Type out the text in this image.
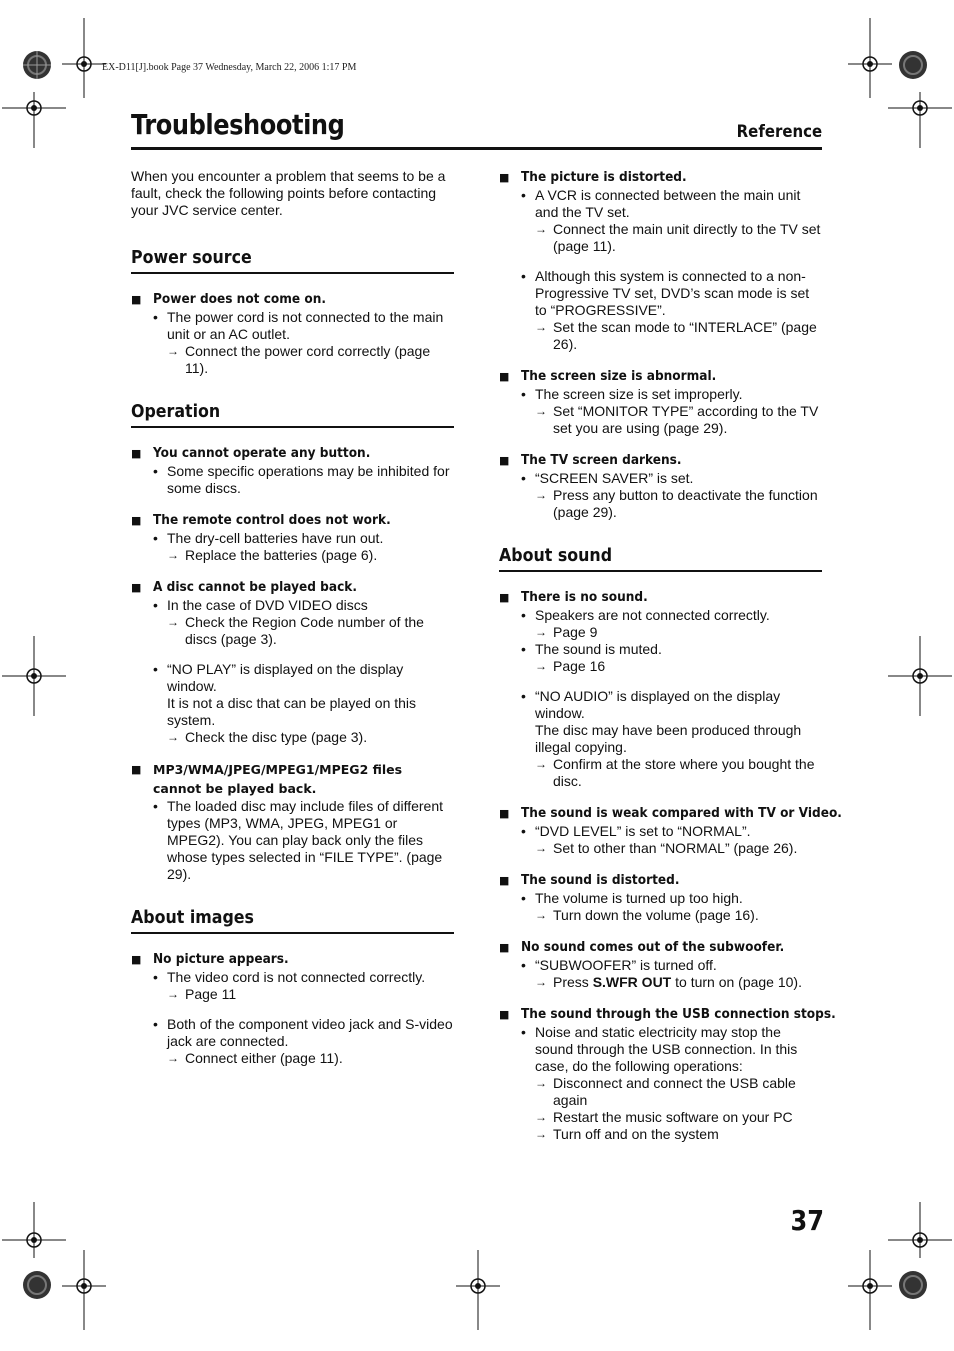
EX-D11[J].book Page 37 Wednesday, March 22, 2006 1:17 PM
Troubleshooting	Reference

When you encounter a problem that seems to be a fault, check the following points before contacting your JVC service center.

Power source
■ Power does not come on.
• The power cord is not connected to the main unit or an AC outlet.
→ Connect the power cord correctly (page 11).
Operation
■ You cannot operate any button.
• Some specific operations may be inhibited for some discs.
■ The remote control does not work.
• The dry-cell batteries have run out.
→ Replace the batteries (page 6).
■ A disc cannot be played back.
• In the case of DVD VIDEO discs
→ Check the Region Code number of the discs (page 3).
• “NO PLAY” is displayed on the display window.
It is not a disc that can be played on this system.
→ Check the disc type (page 3).
■ MP3/WMA/JPEG/MPEG1/MPEG2 files cannot be played back.
• The loaded disc may include files of different types (MP3, WMA, JPEG, MPEG1 or MPEG2). You can play back only the files whose types selected in “FILE TYPE”. (page 29).
About images
■ No picture appears.
• The video cord is not connected correctly.
→ Page 11
• Both of the component video jack and S-video jack are connected.
→ Connect either (page 11).
■ The picture is distorted.
• A VCR is connected between the main unit and the TV set.
→ Connect the main unit directly to the TV set (page 11).
• Although this system is connected to a non-Progressive TV set, DVD’s scan mode is set to “PROGRESSIVE”.
→ Set the scan mode to “INTERLACE” (page 26).
■ The screen size is abnormal.
• The screen size is set improperly.
→ Set “MONITOR TYPE” according to the TV set you are using (page 29).
■ The TV screen darkens.
• “SCREEN SAVER” is set.
→ Press any button to deactivate the function (page 29).
About sound
■ There is no sound.
• Speakers are not connected correctly.
→ Page 9
• The sound is muted.
→ Page 16
• “NO AUDIO” is displayed on the display window.
The disc may have been produced through illegal copying.
→ Confirm at the store where you bought the disc.
■ The sound is weak compared with TV or Video.
• “DVD LEVEL” is set to “NORMAL”.
→ Set to other than “NORMAL” (page 26).
■ The sound is distorted.
• The volume is turned up too high.
→ Turn down the volume (page 16).
■ No sound comes out of the subwoofer.
• “SUBWOOFER” is turned off.
→ Press S.WFR OUT to turn on (page 10).
■ The sound through the USB connection stops.
• Noise and static electricity may stop the sound through the USB connection. In this case, do the following operations:
→ Disconnect and connect the USB cable again
→ Restart the music software on your PC
→ Turn off and on the system
37
